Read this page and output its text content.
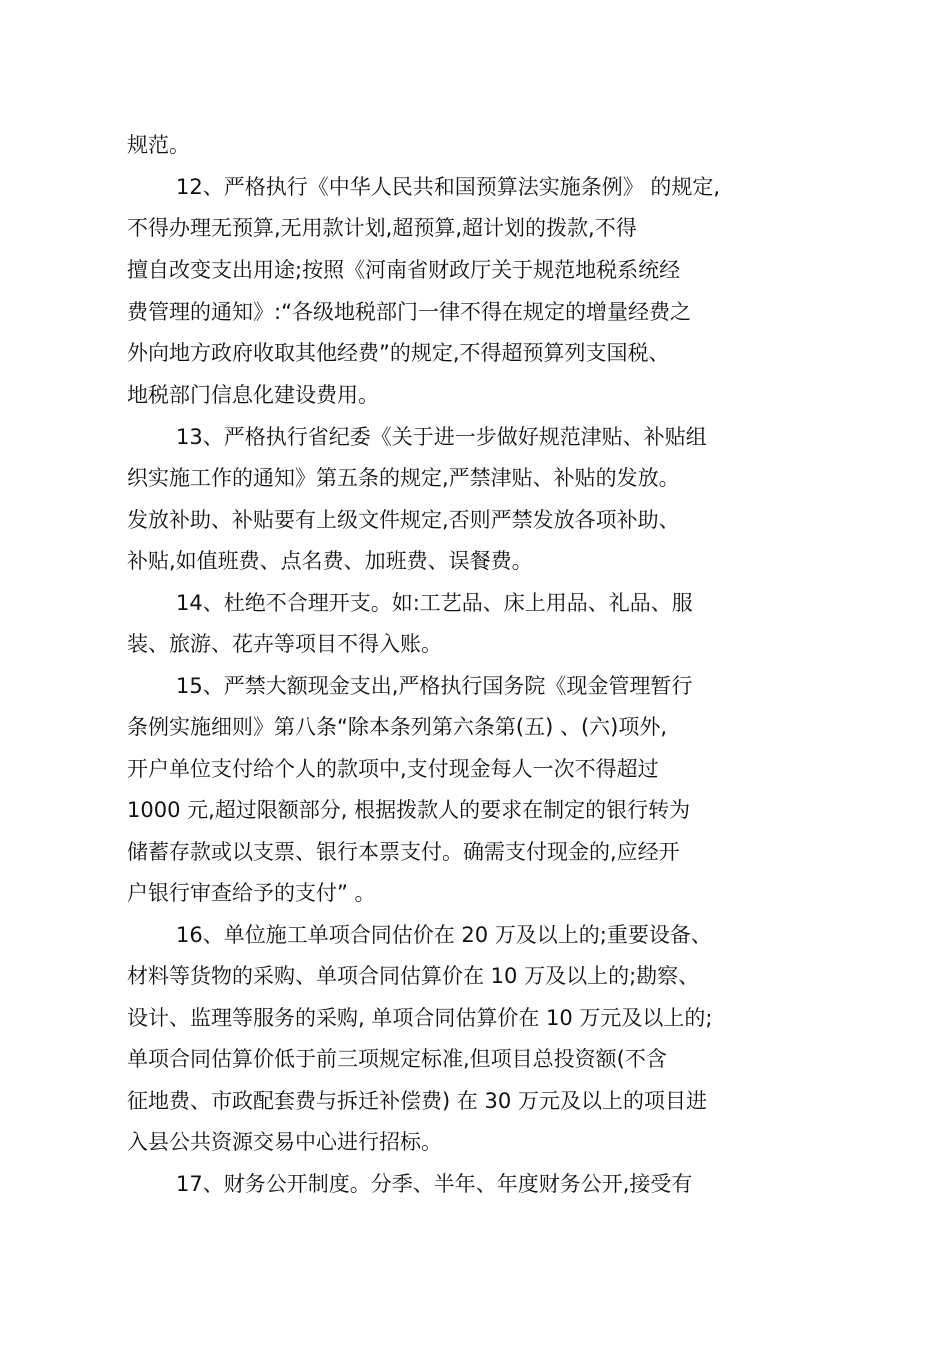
规范。
12、严格执行《中华人民共和国预算法实施条例》 的规定,
不得办理无预算,无用款计划,超预算,超计划的拨款,不得
擅自改变支出用途;按照《河南省财政厅关于规范地税系统经
费管理的通知》:“各级地税部门一律不得在规定的增量经费之
外向地方政府收取其他经费”的规定,不得超预算列支国税、
地税部门信息化建设费用。
13、严格执行省纪委《关于进一步做好规范津贴、补贴组
织实施工作的通知》第五条的规定,严禁津贴、补贴的发放。
发放补助、补贴要有上级文件规定,否则严禁发放各项补助、
补贴,如值班费、点名费、加班费、误餐费。
14、杜绝不合理开支。如:工艺品、床上用品、礼品、服
装、旅游、花卉等项目不得入账。
15、严禁大额现金支出,严格执行国务院《现金管理暂行
条例实施细则》第八条“除本条列第六条第(五) 、(六)项外,
开户单位支付给个人的款项中,支付现金每人一次不得超过
1000 元,超过限额部分, 根据拨款人的要求在制定的银行转为
储蓄存款或以支票、银行本票支付。确需支付现金的,应经开
户银行审查给予的支付” 。
16、单位施工单项合同估价在 20 万及以上的;重要设备、
材料等货物的采购、单项合同估算价在 10 万及以上的;勘察、
设计、监理等服务的采购, 单项合同估算价在 10 万元及以上的;
单项合同估算价低于前三项规定标准,但项目总投资额(不含
征地费、市政配套费与拆迁补偿费) 在 30 万元及以上的项目进
入县公共资源交易中心进行招标。
17、财务公开制度。分季、半年、年度财务公开,接受有
